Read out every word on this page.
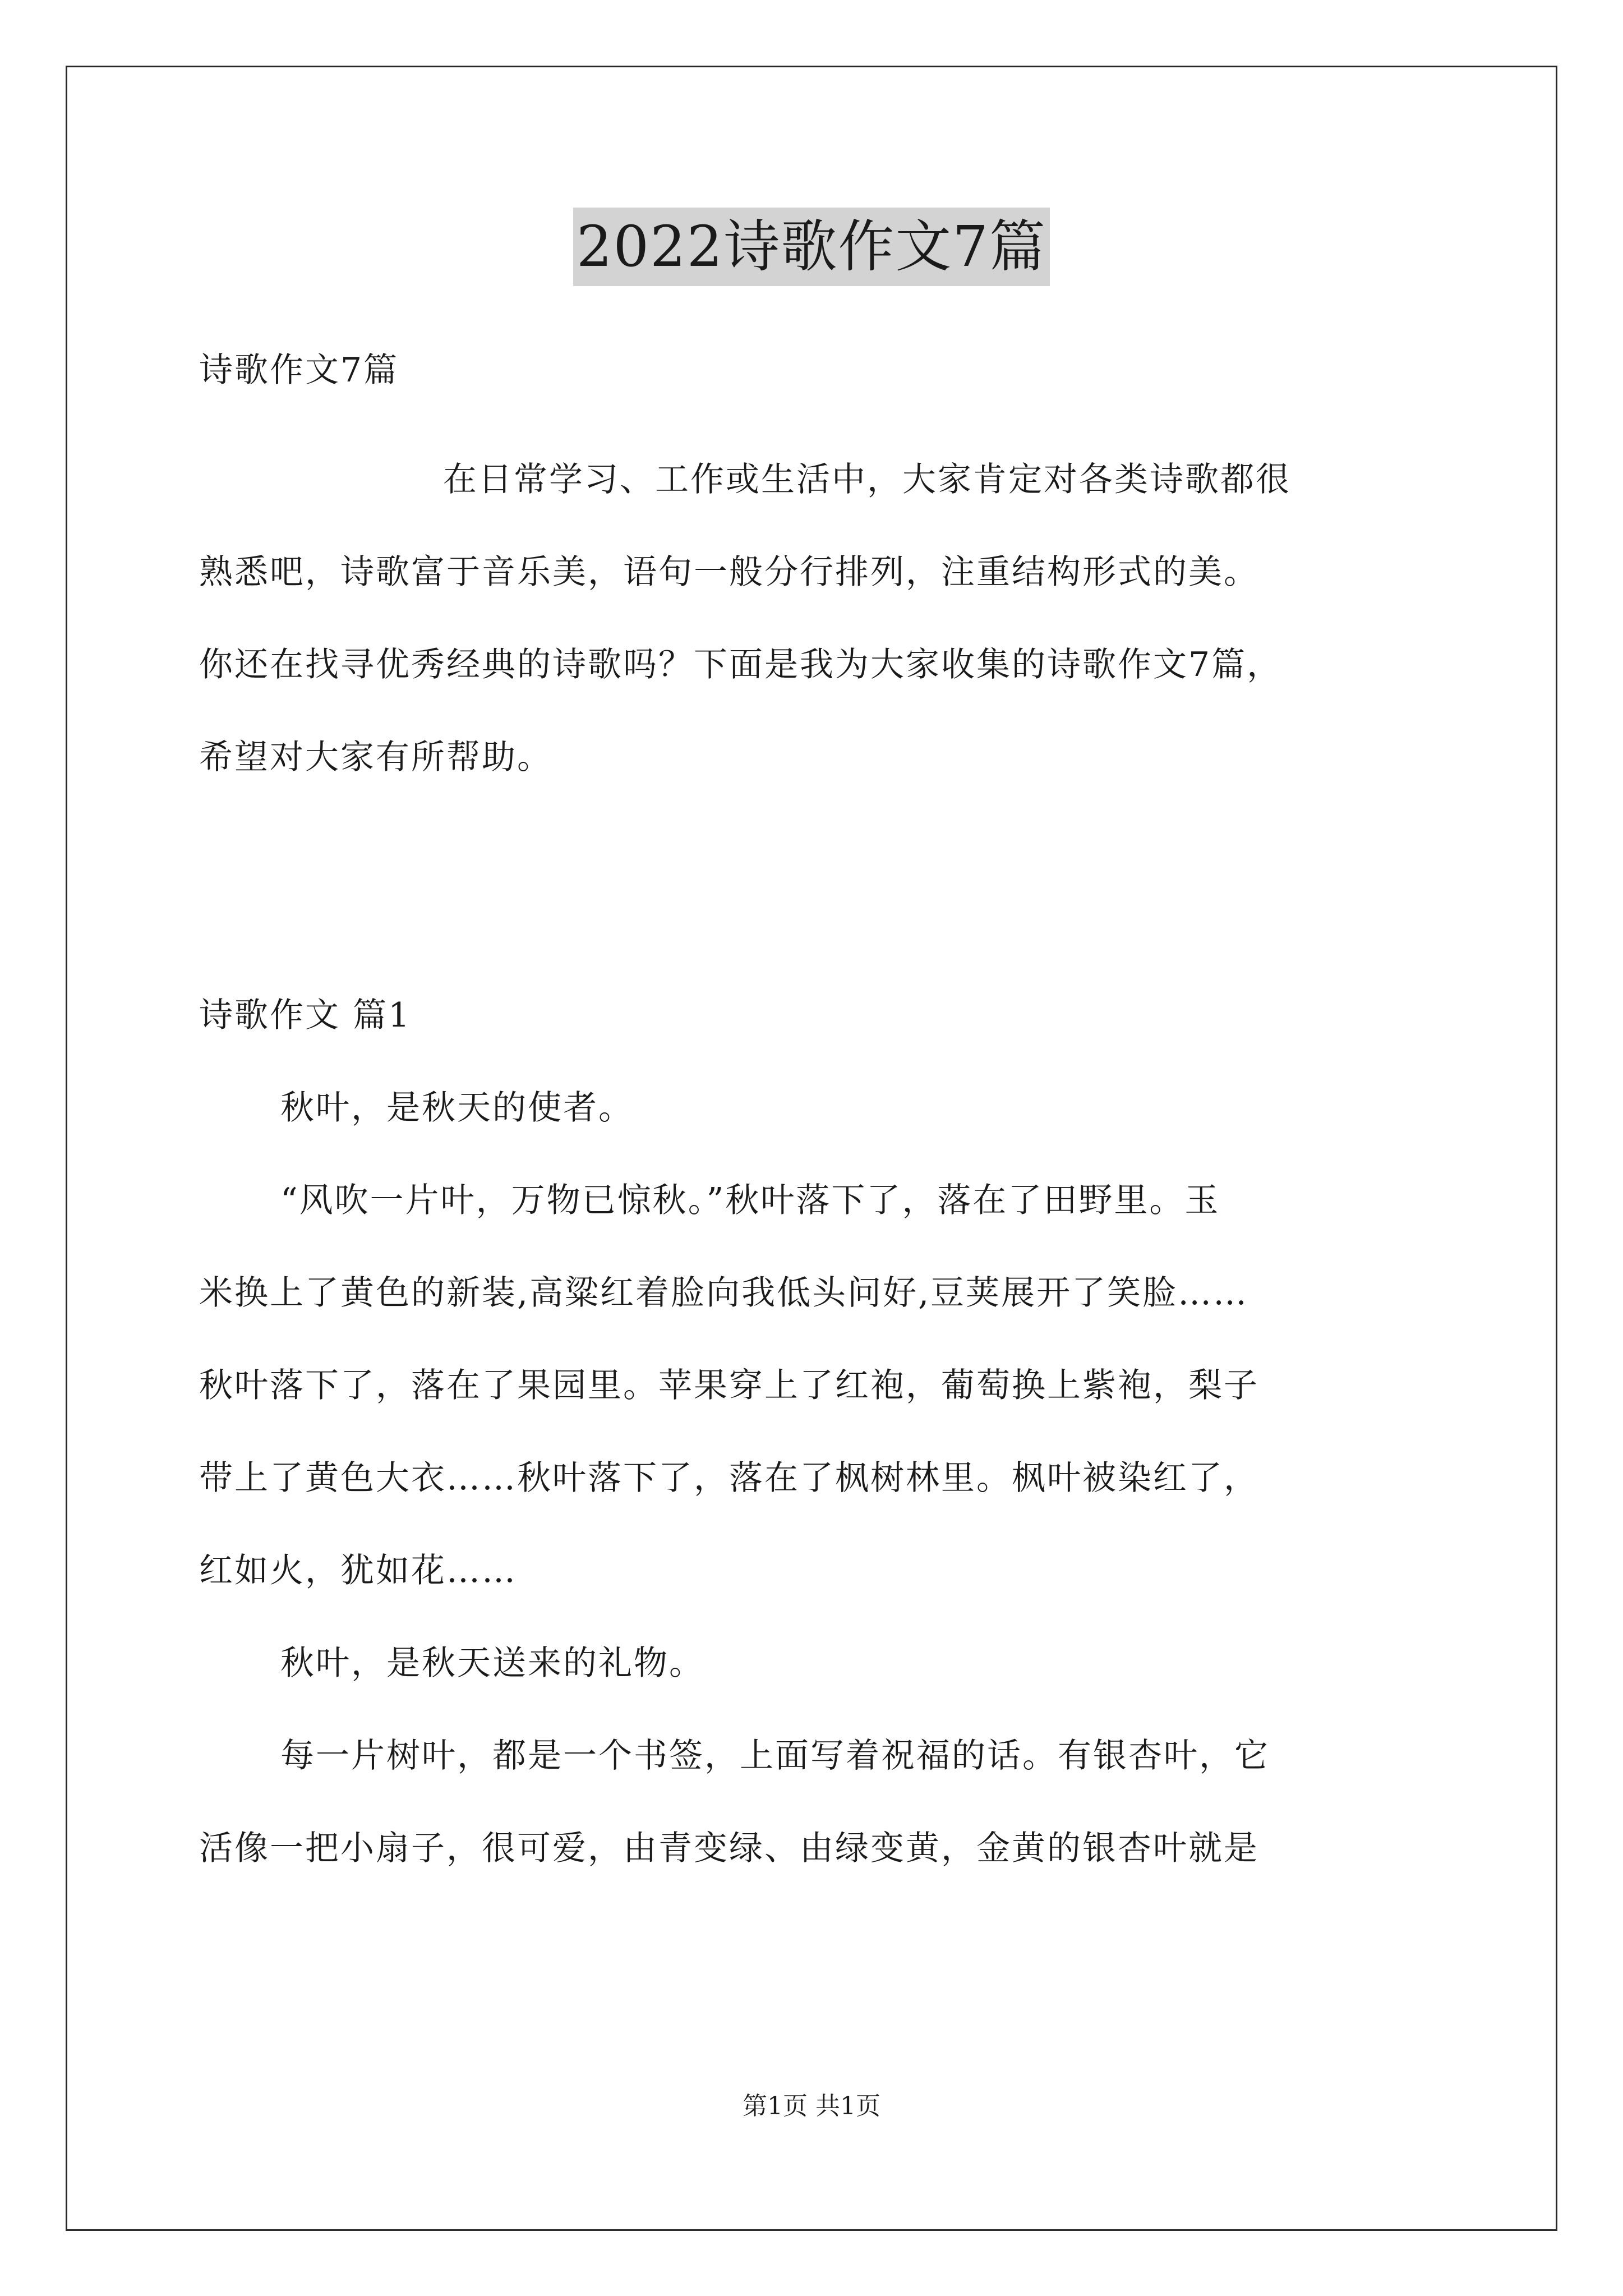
2022诗歌作文7篇
诗歌作文7篇
在日常学习、工作或生活中，大家肯定对各类诗歌都很
熟悉吧，诗歌富于音乐美，语句一般分行排列，注重结构形式的美。
你还在找寻优秀经典的诗歌吗？下面是我为大家收集的诗歌作文7篇，
希望对大家有所帮助。
诗歌作文 篇1
秋叶，是秋天的使者。
“风吹一片叶，万物已惊秋。”秋叶落下了，落在了田野里。玉
米换上了黄色的新装,高粱红着脸向我低头问好,豆荚展开了笑脸……
秋叶落下了，落在了果园里。苹果穿上了红袍，葡萄换上紫袍，梨子
带上了黄色大衣……秋叶落下了，落在了枫树林里。枫叶被染红了，
红如火，犹如花……
秋叶，是秋天送来的礼物。
每一片树叶，都是一个书签，上面写着祝福的话。有银杏叶，它
活像一把小扇子，很可爱，由青变绿、由绿变黄，金黄的银杏叶就是
第1页 共1页
